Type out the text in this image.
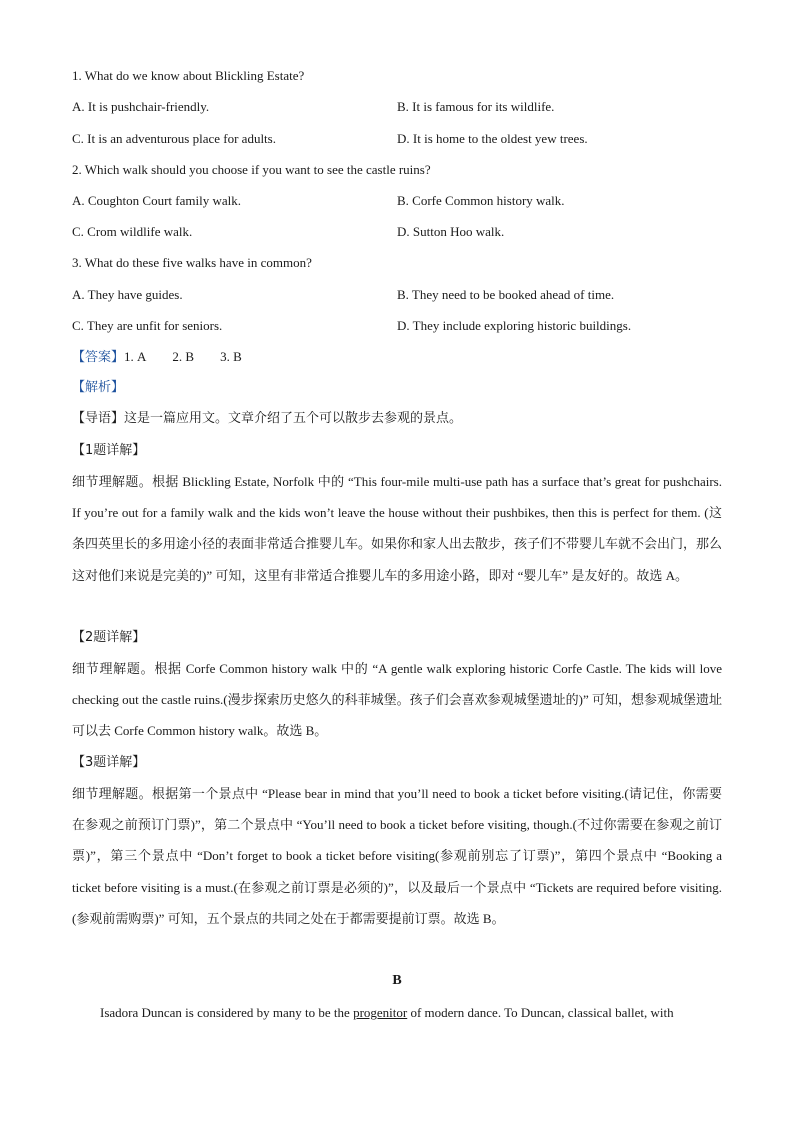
1. What do we know about Blickling Estate?
A. It is pushchair-friendly.	B. It is famous for its wildlife.
C. It is an adventurous place for adults.	D. It is home to the oldest yew trees.
2. Which walk should you choose if you want to see the castle ruins?
A. Coughton Court family walk.	B. Corfe Common history walk.
C. Crom wildlife walk.	D. Sutton Hoo walk.
3. What do these five walks have in common?
A. They have guides.	B. They need to be booked ahead of time.
C. They are unfit for seniors.	D. They include exploring historic buildings.
【答案】1. A 2. B 3. B
【解析】
【导语】这是一篇应用文。文章介绍了五个可以散步去参观的景点。
【1题详解】
细节理解题。根据 Blickling Estate, Norfolk 中的 “This four-mile multi-use path has a surface that’s great for pushchairs. If you’re out for a family walk and the kids won’t leave the house without their pushbikes, then this is perfect for them. (这条四英里长的多用途小径的表面非常适合推婴儿车。如果你和家人出去散步，孩子们不带婴儿车就不会出门，那么这对他们来说是完美的)” 可知，这里有非常适合推婴儿车的多用途小路，即对 “婴儿车” 是友好的。故选 A。
【2题详解】
细节理解题。根据 Corfe Common history walk 中的 “A gentle walk exploring historic Corfe Castle. The kids will love checking out the castle ruins.(漫步探索历史悠久的科菲城堡。孩子们会喜欢参观城堡遗址的)” 可知，想参观城堡遗址可以去 Corfe Common history walk。故选 B。
【3题详解】
细节理解题。根据第一个景点中 “Please bear in mind that you’ll need to book a ticket before visiting.(请记住，你需要在参观之前预订门票)”，第二个景点中 “You’ll need to book a ticket before visiting, though.(不过你需要在参观之前订票)”，第三个景点中 “Don’t forget to book a ticket before visiting(参观前别忘了订票)”，第四个景点中 “Booking a ticket before visiting is a must.(在参观之前订票是必须的)”，以及最后一个景点中 “Tickets are required before visiting.(参观前需购票)” 可知，五个景点的共同之处在于都需要提前订票。故选 B。
B
Isadora Duncan is considered by many to be the progenitor of modern dance. To Duncan, classical ballet, with
